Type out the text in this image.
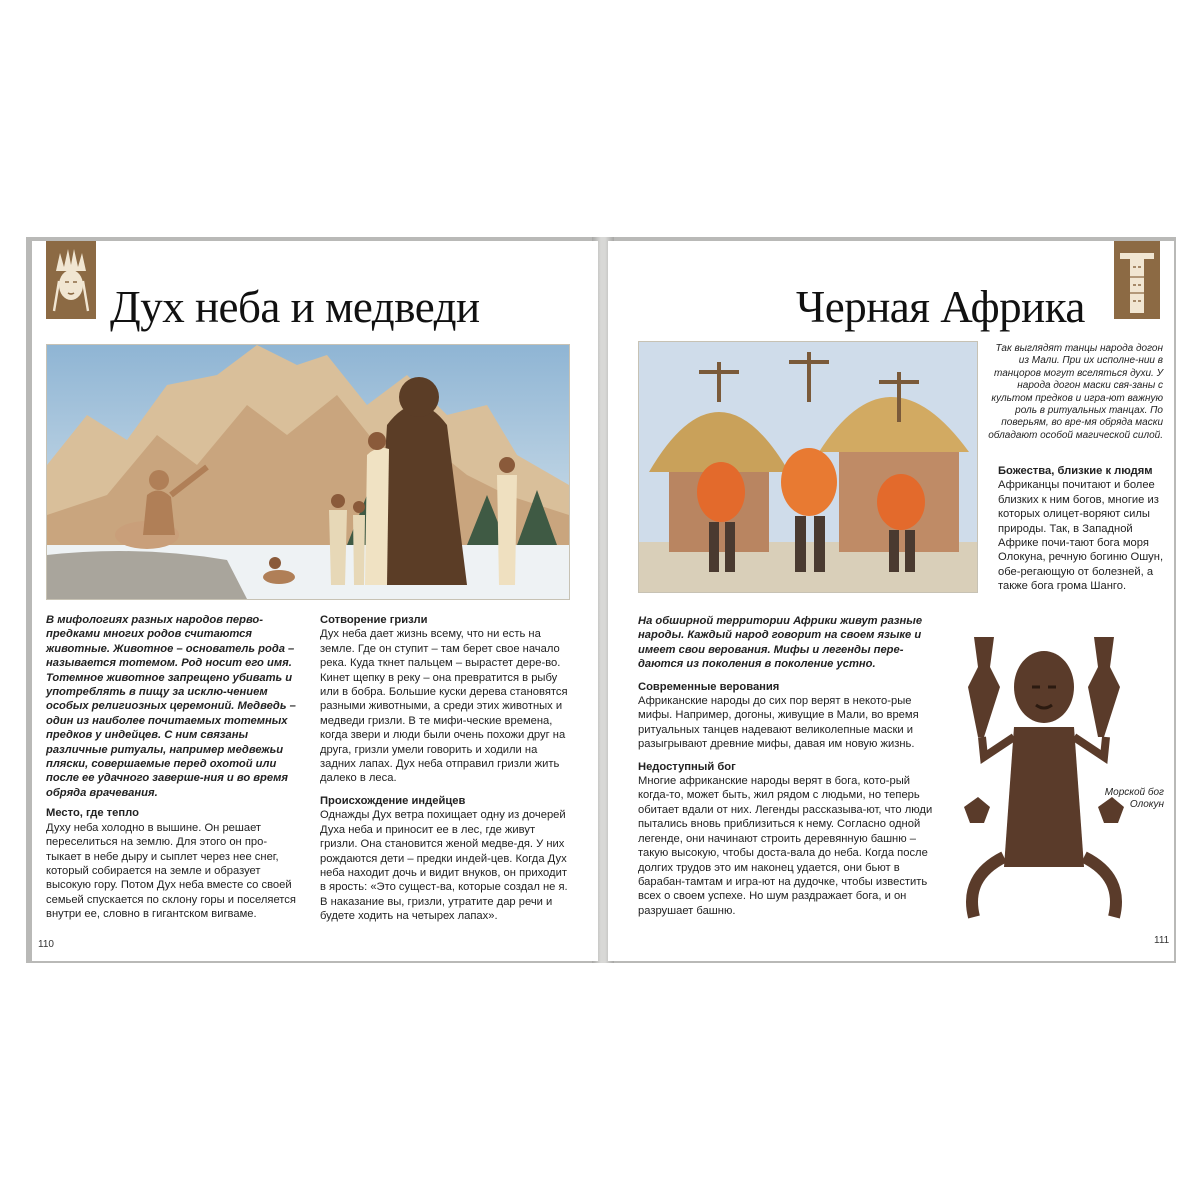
Дух неба и медведи

В мифологиях разных народов перво-предками многих родов считаются животные. Животное – основатель рода – называется тотемом. Род носит его имя. Тотемное животное запрещено убивать и употреблять в пищу за исклю-чением особых религиозных церемоний. Медведь – один из наиболее почитаемых тотемных предков у индейцев. С ним связаны различные ритуалы, например медвежьи пляски, совершаемые перед охотой или после ее удачного заверше-ния и во время обряда врачевания.

Место, где тепло

Духу неба холодно в вышине. Он решает переселиться на землю. Для этого он про-тыкает в небе дыру и сыплет через нее снег, который собирается на земле и образует высокую гору. Потом Дух неба вместе со своей семьей спускается по склону горы и поселяется внутри ее, словно в гигантском вигваме.

Сотворение гризли

Дух неба дает жизнь всему, что ни есть на земле. Где он ступит – там берет свое начало река. Куда ткнет пальцем – вырастет дере-во. Кинет щепку в реку – она превратится в рыбу или в бобра. Большие куски дерева становятся разными животными, а среди этих животных и медведи гризли. В те мифи-ческие времена, когда звери и люди были очень похожи друг на друга, гризли умели говорить и ходили на задних лапах. Дух неба отправил гризли жить далеко в леса.

Происхождение индейцев

Однажды Дух ветра похищает одну из дочерей Духа неба и приносит ее в лес, где живут гризли. Она становится женой медве-дя. У них рождаются дети – предки индей-цев. Когда Дух неба находит дочь и видит внуков, он приходит в ярость: «Это сущест-ва, которые создал не я. В наказание вы, гризли, утратите дар речи и будете ходить на четырех лапах».

110
Черная Африка
Так выглядят танцы народа догон из Мали. При их исполне-нии в танцоров могут вселяться духи. У народа догон маски свя-заны с культом предков и игра-ют важную роль в ритуальных танцах. По поверьям, во вре-мя обряда маски обладают особой магической силой.

Божества, близкие к людям

Африканцы почитают и более близких к ним богов, многие из которых олицет-воряют силы природы. Так, в Западной Африке почи-тают бога моря Олокуна, речную богиню Ошун, обе-регающую от болезней, а также бога грома Шанго.

На обширной территории Африки живут разные народы. Каждый народ говорит на своем языке и имеет свои верования. Мифы и легенды пере-даются из поколения в поколение устно.

Современные верования

Африканские народы до сих пор верят в некото-рые мифы. Например, догоны, живущие в Мали, во время ритуальных танцев надевают великолепные маски и разыгрывают древние мифы, давая им новую жизнь.

Недоступный бог

Многие африканские народы верят в бога, кото-рый когда-то, может быть, жил рядом с людьми, но теперь обитает вдали от них. Легенды рассказыва-ют, что люди пытались вновь приблизиться к нему. Согласно одной легенде, они начинают строить деревянную башню – такую высокую, чтобы доста-вала до неба. Когда после долгих трудов это им наконец удается, они бьют в барабан-тамтам и игра-ют на дудочке, чтобы известить всех о своем успехе. Но шум раздражает бога, и он разрушает башню.

Морской бог Олокун
111
